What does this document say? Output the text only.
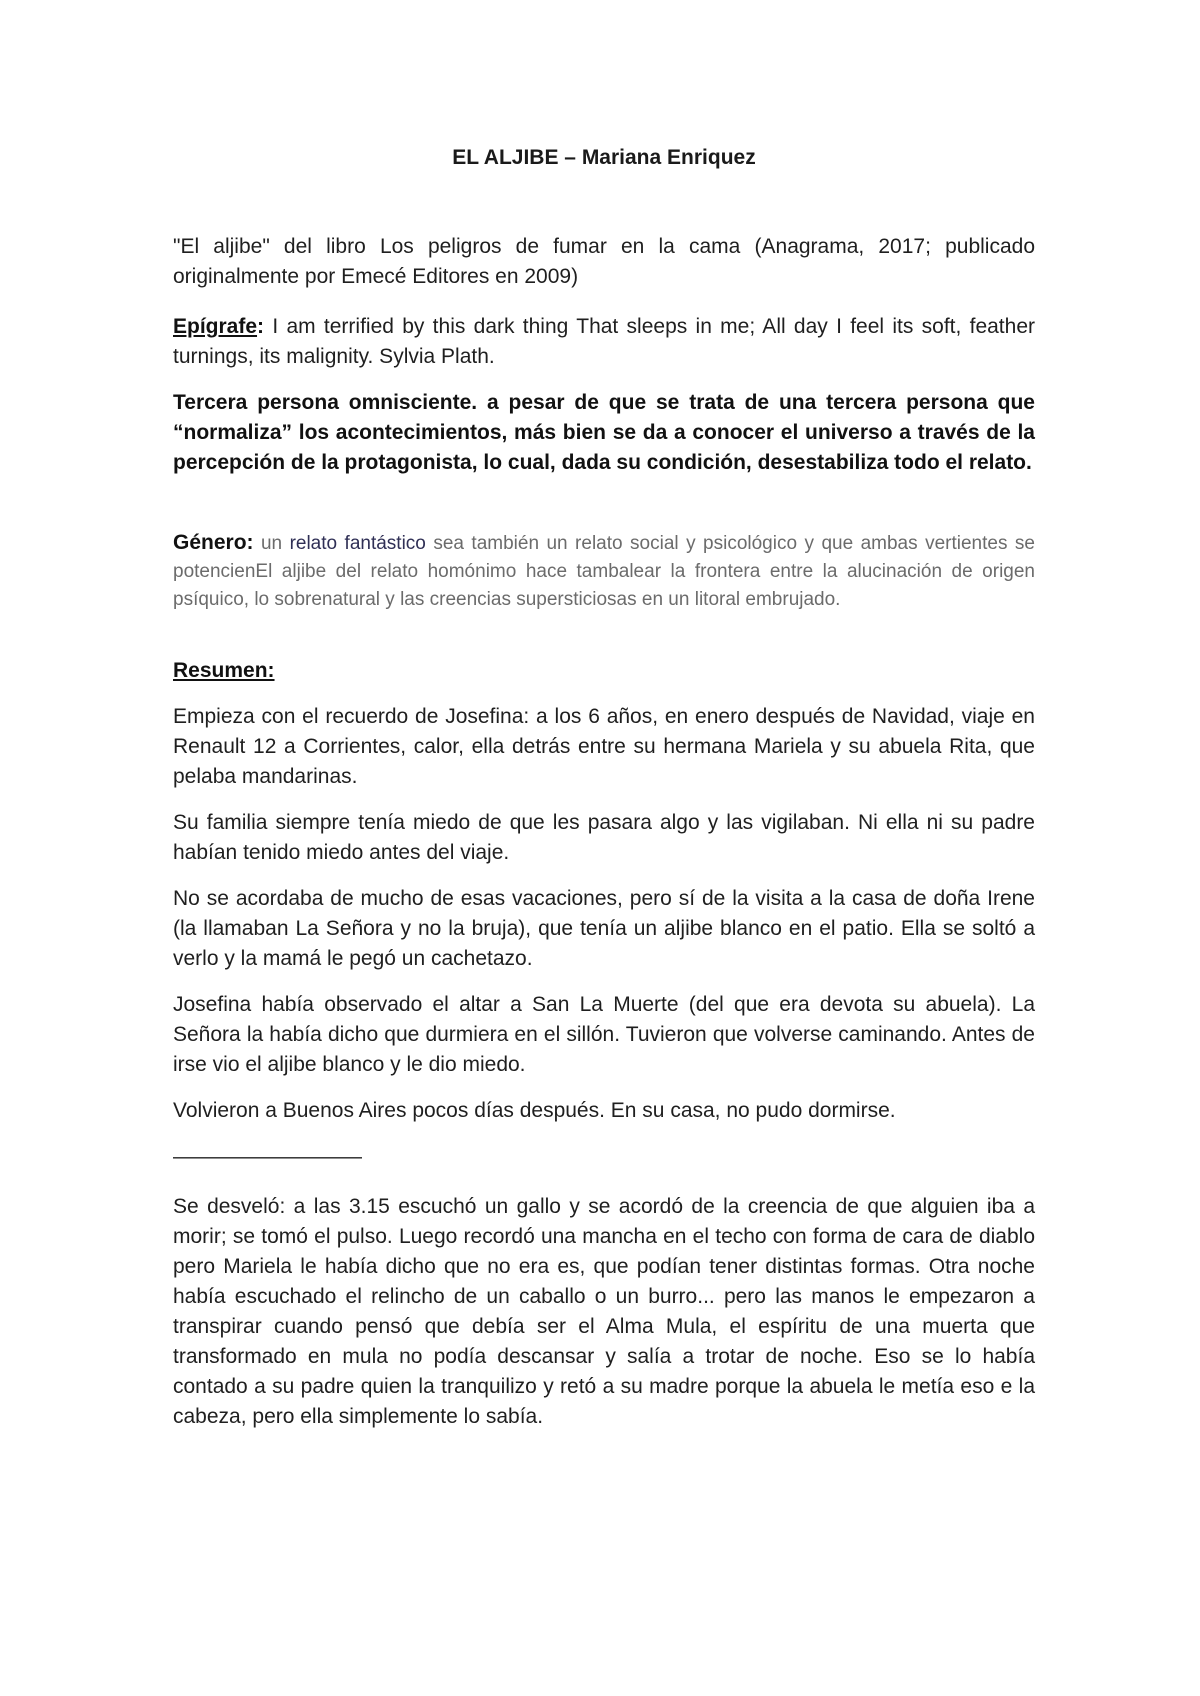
EL ALJIBE – Mariana Enriquez

"El aljibe" del libro Los peligros de fumar en la cama (Anagrama, 2017; publicado originalmente por Emecé Editores en 2009)

Epígrafe: I am terrified by this dark thing That sleeps in me; All day I feel its soft, feather turnings, its malignity. Sylvia Plath.

Tercera persona omnisciente. a pesar de que se trata de una tercera persona que “normaliza” los acontecimientos, más bien se da a conocer el universo a través de la percepción de la protagonista, lo cual, dada su condición, desestabiliza todo el relato.

Género: un relato fantástico sea también un relato social y psicológico y que ambas vertientes se potencienEl aljibe del relato homónimo hace tambalear la frontera entre la alucinación de origen psíquico, lo sobrenatural y las creencias supersticiosas en un litoral embrujado.

Resumen:

Empieza con el recuerdo de Josefina: a los 6 años, en enero después de Navidad, viaje en Renault 12 a Corrientes, calor, ella detrás entre su hermana Mariela y su abuela Rita, que pelaba mandarinas.

Su familia siempre tenía miedo de que les pasara algo y las vigilaban. Ni ella ni su padre habían tenido miedo antes del viaje.

No se acordaba de mucho de esas vacaciones, pero sí de la visita a la casa de doña Irene (la llamaban La Señora y no la bruja), que tenía un aljibe blanco en el patio. Ella se soltó a verlo y la mamá le pegó un cachetazo.

Josefina había observado el altar a San La Muerte (del que era devota su abuela). La Señora la había dicho que durmiera en el sillón. Tuvieron que volverse caminando. Antes de irse vio el aljibe blanco y le dio miedo.

Volvieron a Buenos Aires pocos días después. En su casa, no pudo dormirse.

—————————

Se desveló: a las 3.15 escuchó un gallo y se acordó de la creencia de que alguien iba a morir; se tomó el pulso. Luego recordó una mancha en el techo con forma de cara de diablo pero Mariela le había dicho que no era es, que podían tener distintas formas. Otra noche había escuchado el relincho de un caballo o un burro... pero las manos le empezaron a transpirar cuando pensó que debía ser el Alma Mula, el espíritu de una muerta que transformado en mula no podía descansar y salía a trotar de noche. Eso se lo había contado a su padre quien la tranquilizo y retó a su madre porque la abuela le metía eso e la cabeza, pero ella simplemente lo sabía.
